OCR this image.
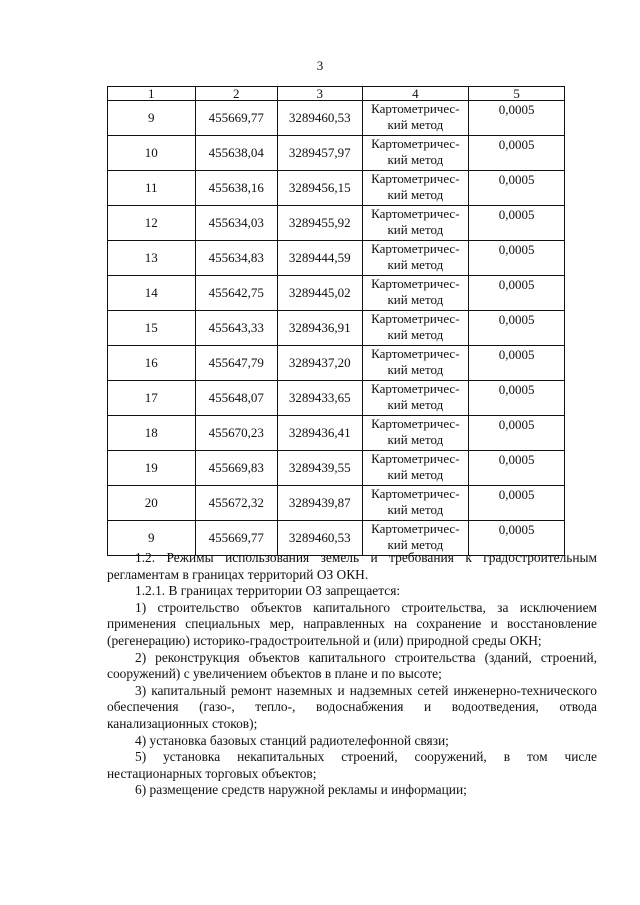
3
1	2	3	4	5
9	455669,77	3289460,53	Картометричес-
кий метод	0,0005
10	455638,04	3289457,97	Картометричес-
кий метод	0,0005
11	455638,16	3289456,15	Картометричес-
кий метод	0,0005
12	455634,03	3289455,92	Картометричес-
кий метод	0,0005
13	455634,83	3289444,59	Картометричес-
кий метод	0,0005
14	455642,75	3289445,02	Картометричес-
кий метод	0,0005
15	455643,33	3289436,91	Картометричес-
кий метод	0,0005
16	455647,79	3289437,20	Картометричес-
кий метод	0,0005
17	455648,07	3289433,65	Картометричес-
кий метод	0,0005
18	455670,23	3289436,41	Картометричес-
кий метод	0,0005
19	455669,83	3289439,55	Картометричес-
кий метод	0,0005
20	455672,32	3289439,87	Картометричес-
кий метод	0,0005
9	455669,77	3289460,53	Картометричес-
кий метод	0,0005

1.2. Режимы использования земель и требования к градостроительным регламентам в границах территорий ОЗ ОКН.

1.2.1. В границах территории ОЗ запрещается:

1) строительство объектов капитального строительства, за исключением применения специальных мер, направленных на сохранение и восстановление (регенерацию) историко-градостроительной и (или) природной среды ОКН;

2) реконструкция объектов капитального строительства (зданий, строений, сооружений) с увеличением объектов в плане и по высоте;

3) капитальный ремонт наземных и надземных сетей инженерно-технического обеспечения (газо-, тепло-, водоснабжения и водоотведения, отвода канализационных стоков);

4) установка базовых станций радиотелефонной связи;

5) установка некапитальных строений, сооружений, в том числе нестационарных торговых объектов;

6) размещение средств наружной рекламы и информации;
